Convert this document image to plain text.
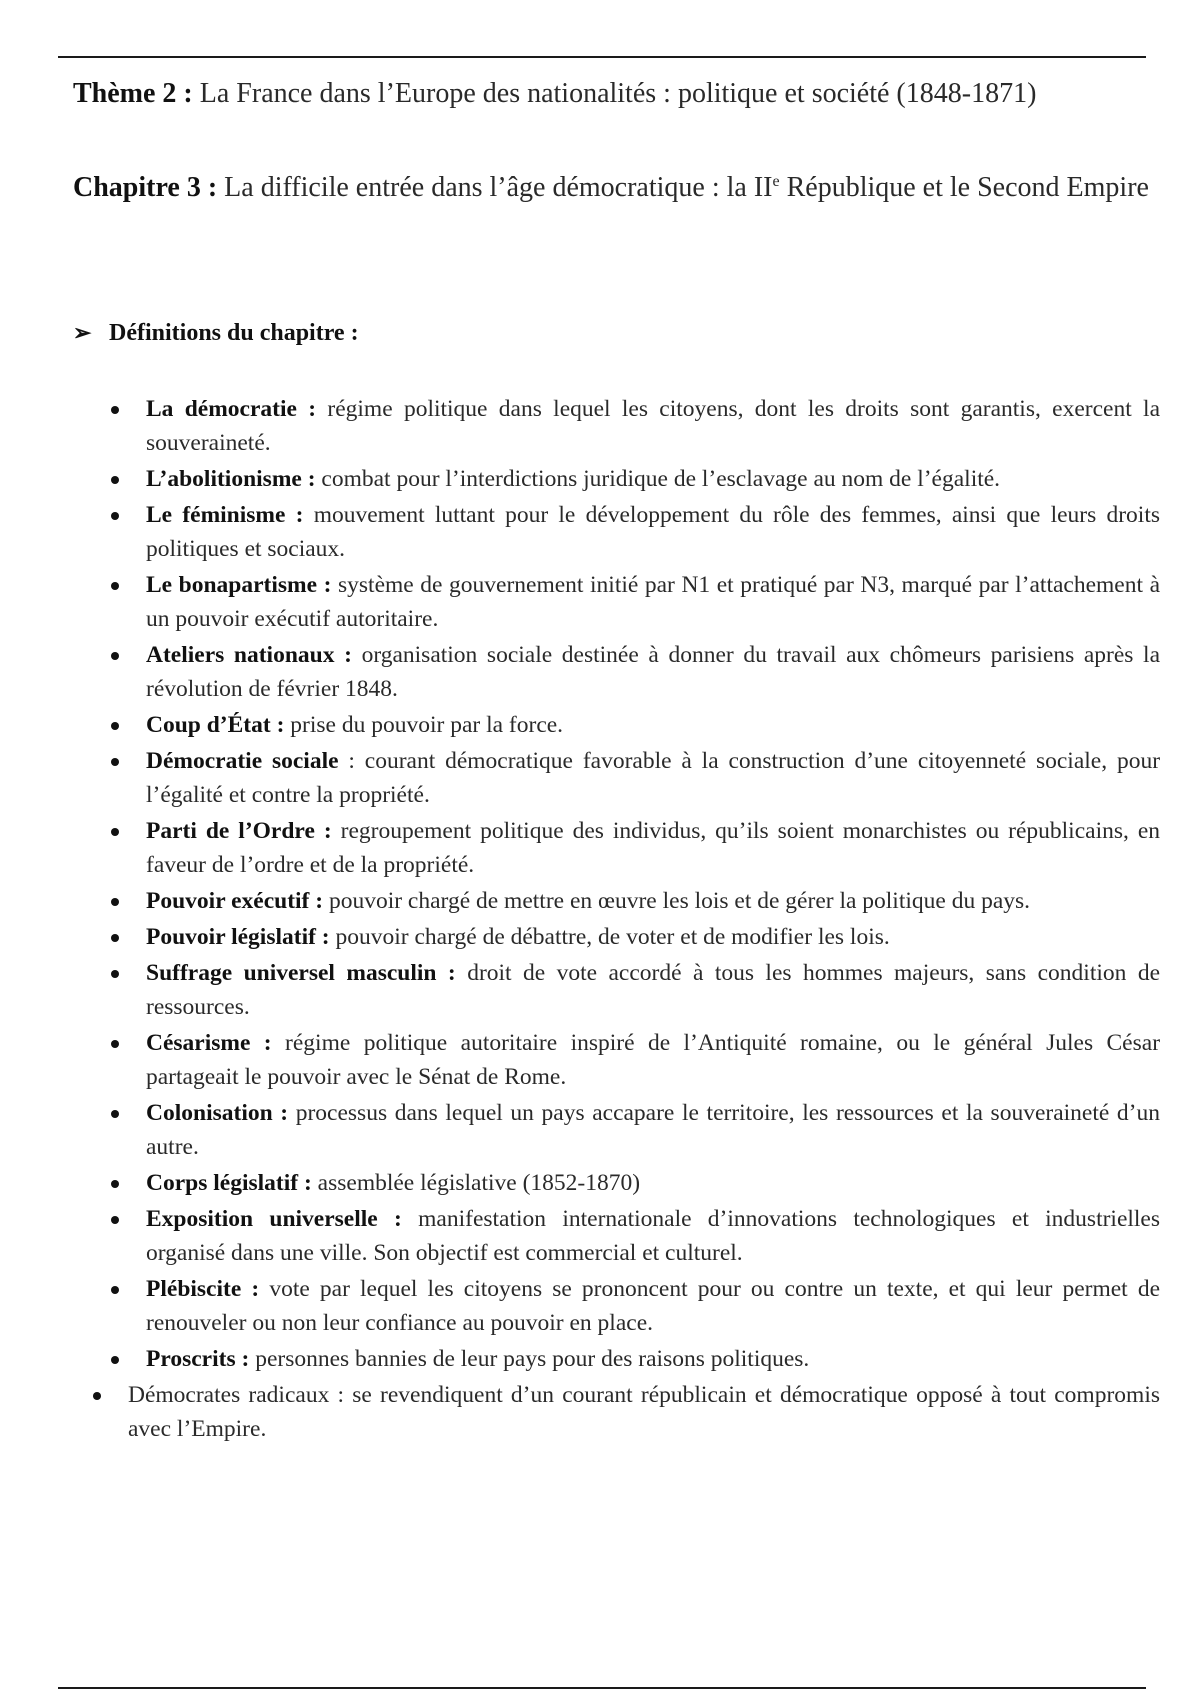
Thème 2 : La France dans l’Europe des nationalités : politique et société (1848-1871)
Chapitre 3 : La difficile entrée dans l’âge démocratique : la IIe République et le Second Empire
➢ Définitions du chapitre :
La démocratie : régime politique dans lequel les citoyens, dont les droits sont garantis, exercent la souveraineté.
L’abolitionisme : combat pour l’interdictions juridique de l’esclavage au nom de l’égalité.
Le féminisme : mouvement luttant pour le développement du rôle des femmes, ainsi que leurs droits politiques et sociaux.
Le bonapartisme : système de gouvernement initié par N1 et pratiqué par N3, marqué par l’attachement à un pouvoir exécutif autoritaire.
Ateliers nationaux : organisation sociale destinée à donner du travail aux chômeurs parisiens après la révolution de février 1848.
Coup d’État : prise du pouvoir par la force.
Démocratie sociale : courant démocratique favorable à la construction d’une citoyenneté sociale, pour l’égalité et contre la propriété.
Parti de l’Ordre : regroupement politique des individus, qu’ils soient monarchistes ou républicains, en faveur de l’ordre et de la propriété.
Pouvoir exécutif : pouvoir chargé de mettre en œuvre les lois et de gérer la politique du pays.
Pouvoir législatif : pouvoir chargé de débattre, de voter et de modifier les lois.
Suffrage universel masculin : droit de vote accordé à tous les hommes majeurs, sans condition de ressources.
Césarisme : régime politique autoritaire inspiré de l’Antiquité romaine, ou le général Jules César partageait le pouvoir avec le Sénat de Rome.
Colonisation : processus dans lequel un pays accapare le territoire, les ressources et la souveraineté d’un autre.
Corps législatif : assemblée législative (1852-1870)
Exposition universelle : manifestation internationale d’innovations technologiques et industrielles organisé dans une ville. Son objectif est commercial et culturel.
Plébiscite : vote par lequel les citoyens se prononcent pour ou contre un texte, et qui leur permet de renouveler ou non leur confiance au pouvoir en place.
Proscrits : personnes bannies de leur pays pour des raisons politiques.
Démocrates radicaux : se revendiquent d’un courant républicain et démocratique opposé à tout compromis avec l’Empire.
